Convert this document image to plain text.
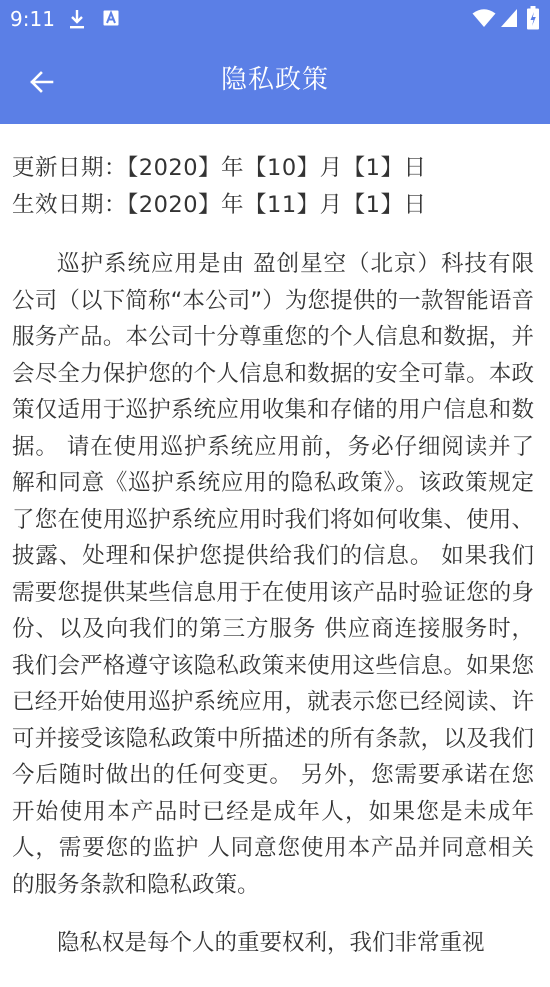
9:11
隐私政策
更新日期：【2020】年【10】月【1】日
生效日期：【2020】年【11】月【1】日
巡护系统应用是由 盈创星空（北京）科技有限公司（以下简称“本公司”）为您提供的一款智能语音服务产品。本公司十分尊重您的个人信息和数据，并会尽全力保护您的个人信息和数据的安全可靠。本政策仅适用于巡护系统应用收集和存储的用户信息和数据。 请在使用巡护系统应用前，务必仔细阅读并了解和同意《巡护系统应用的隐私政策》。该政策规定了您在使用巡护系统应用时我们将如何收集、使用、披露、处理和保护您提供给我们的信息。 如果我们需要您提供某些信息用于在使用该产品时验证您的身份、以及向我们的第三方服务 供应商连接服务时，我们会严格遵守该隐私政策来使用这些信息。如果您已经开始使用巡护系统应用，就表示您已经阅读、许可并接受该隐私政策中所描述的所有条款，以及我们今后随时做出的任何变更。 另外，您需要承诺在您开始使用本产品时已经是成年人，如果您是未成年人，需要您的监护 人同意您使用本产品并同意相关的服务条款和隐私政策。
隐私权是每个人的重要权利，我们非常重视
